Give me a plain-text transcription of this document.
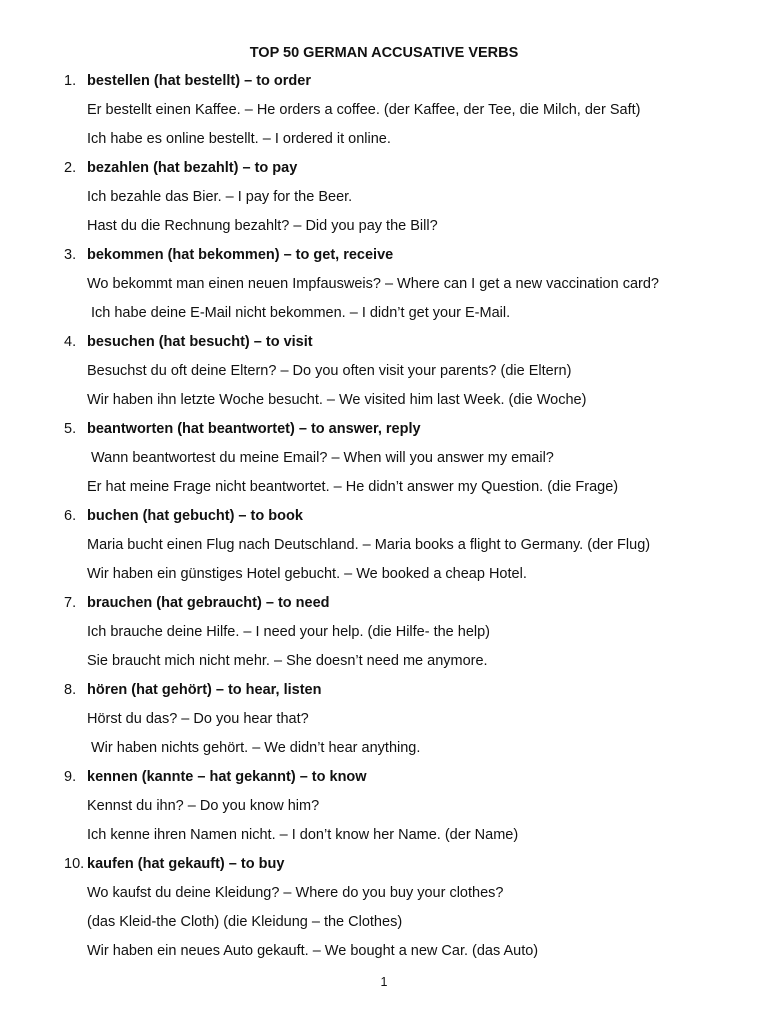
TOP 50 GERMAN ACCUSATIVE VERBS
1. bestellen (hat bestellt) – to order
Er bestellt einen Kaffee. – He orders a coffee. (der Kaffee, der Tee, die Milch, der Saft)
Ich habe es online bestellt. – I ordered it online.
2. bezahlen (hat bezahlt) – to pay
Ich bezahle das Bier. – I pay for the Beer.
Hast du die Rechnung bezahlt? – Did you pay the Bill?
3. bekommen (hat bekommen) – to get, receive
Wo bekommt man einen neuen Impfausweis? – Where can I get a new vaccination card?
Ich habe deine E-Mail nicht bekommen. – I didn’t get your E-Mail.
4. besuchen (hat besucht) – to visit
Besuchst du oft deine Eltern? – Do you often visit your parents? (die Eltern)
Wir haben ihn letzte Woche besucht. – We visited him last Week. (die Woche)
5. beantworten (hat beantwortet) – to answer, reply
Wann beantwortest du meine Email? – When will you answer my email?
Er hat meine Frage nicht beantwortet. – He didn’t answer my Question. (die Frage)
6. buchen (hat gebucht) – to book
Maria bucht einen Flug nach Deutschland. – Maria books a flight to Germany. (der Flug)
Wir haben ein günstiges Hotel gebucht. – We booked a cheap Hotel.
7. brauchen (hat gebraucht) – to need
Ich brauche deine Hilfe. – I need your help. (die Hilfe- the help)
Sie braucht mich nicht mehr. – She doesn’t need me anymore.
8. hören (hat gehört) – to hear, listen
Hörst du das? – Do you hear that?
Wir haben nichts gehört. – We didn’t hear anything.
9. kennen (kannte – hat gekannt) – to know
Kennst du ihn? – Do you know him?
Ich kenne ihren Namen nicht. – I don’t know her Name. (der Name)
10. kaufen (hat gekauft) – to buy
Wo kaufst du deine Kleidung? – Where do you buy your clothes?
(das Kleid-the Cloth) (die Kleidung – the Clothes)
Wir haben ein neues Auto gekauft. – We bought a new Car. (das Auto)
1
